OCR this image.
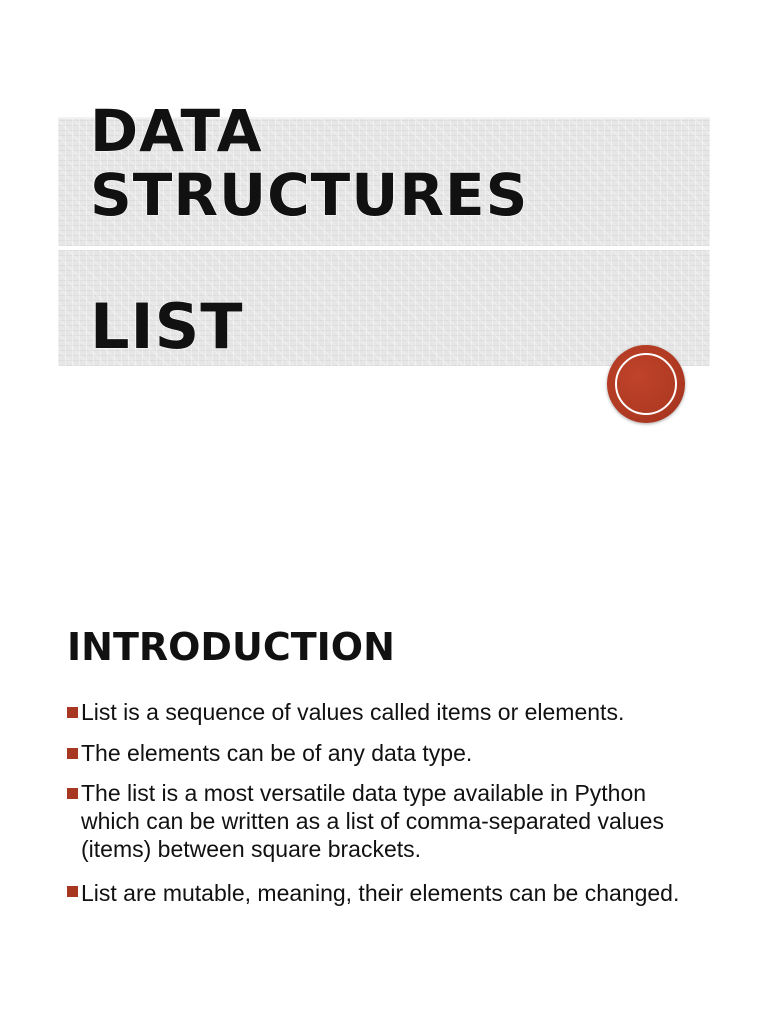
DATA
STRUCTURES
LIST
INTRODUCTION
List is a sequence of values called items or elements.
The elements can be of any data type.
The list is a most versatile data type available in Python which can be written as a list of comma-separated values (items) between square brackets.
List are mutable, meaning, their elements can be changed.
